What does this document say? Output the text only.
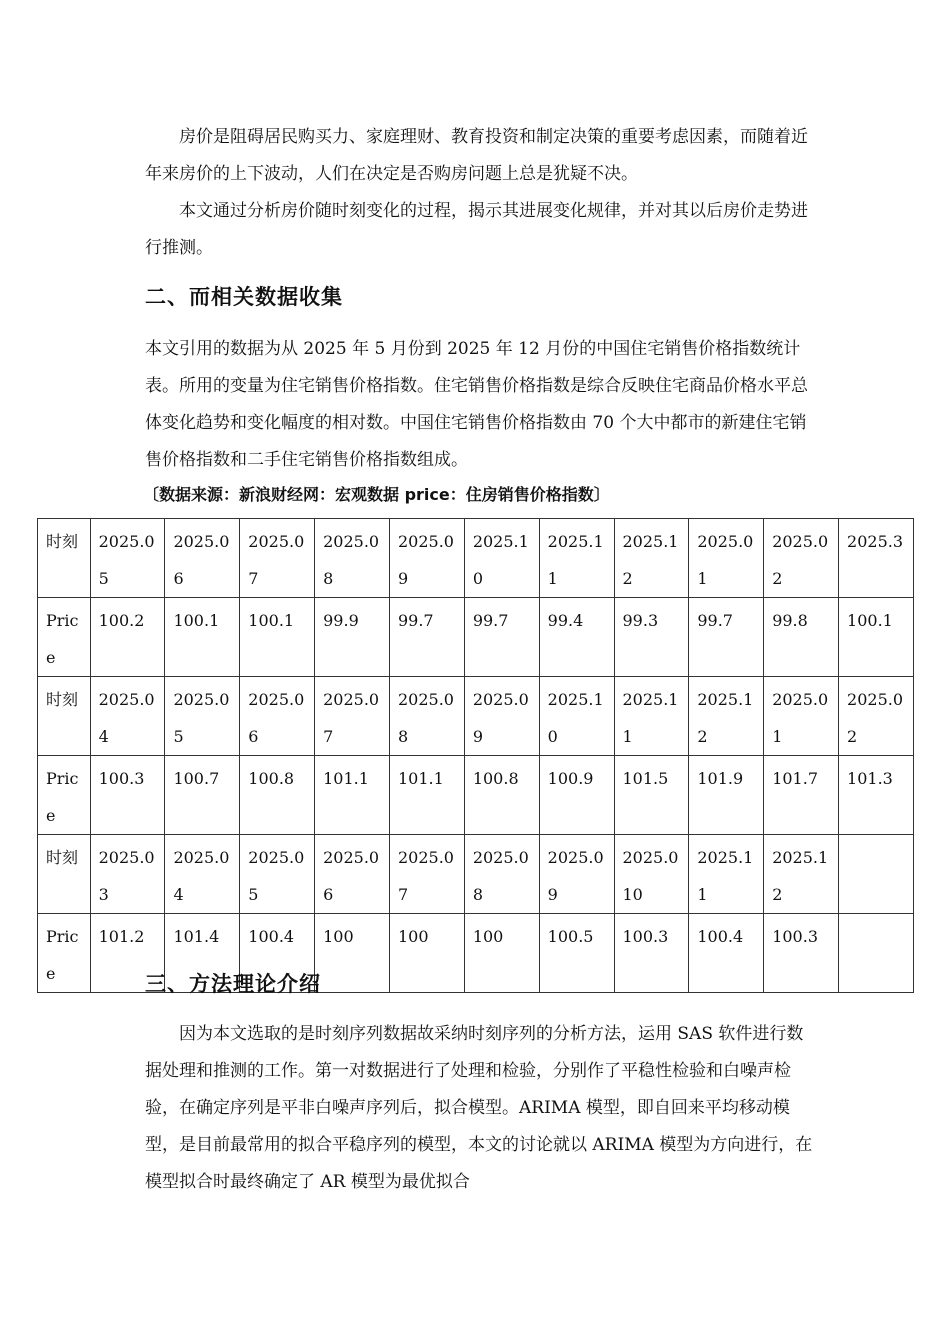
房价是阻碍居民购买力、家庭理财、教育投资和制定决策的重要考虑因素，而随着近年来房价的上下波动，人们在决定是否购房问题上总是犹疑不决。

本文通过分析房价随时刻变化的过程，揭示其进展变化规律，并对其以后房价走势进行推测。

二、而相关数据收集

本文引用的数据为从 2025 年 5 月份到 2025 年 12 月份的中国住宅销售价格指数统计表。所用的变量为住宅销售价格指数。住宅销售价格指数是综合反映住宅商品价格水平总体变化趋势和变化幅度的相对数。中国住宅销售价格指数由 70 个大中都市的新建住宅销售价格指数和二手住宅销售价格指数组成。

〔数据来源：新浪财经网：宏观数据 price：住房销售价格指数〕

时刻	2025.05	2025.06	2025.07	2025.08	2025.09	2025.10	2025.11	2025.12	2025.01	2025.02	2025.3
Price	100.2	100.1	100.1	99.9	99.7	99.7	99.4	99.3	99.7	99.8	100.1
时刻	2025.04	2025.05	2025.06	2025.07	2025.08	2025.09	2025.10	2025.11	2025.12	2025.01	2025.02
Price	100.3	100.7	100.8	101.1	101.1	100.8	100.9	101.5	101.9	101.7	101.3
时刻	2025.03	2025.04	2025.05	2025.06	2025.07	2025.08	2025.09	2025.010	2025.11	2025.12	
Price	101.2	101.4	100.4	100	100	100	100.5	100.3	100.4	100.3	
三、方法理论介绍

因为本文选取的是时刻序列数据故采纳时刻序列的分析方法，运用 SAS 软件进行数据处理和推测的工作。第一对数据进行了处理和检验，分别作了平稳性检验和白噪声检验，在确定序列是平非白噪声序列后，拟合模型。ARIMA 模型，即自回来平均移动模型，是目前最常用的拟合平稳序列的模型，本文的讨论就以 ARIMA 模型为方向进行，在模型拟合时最终确定了 AR 模型为最优拟合
